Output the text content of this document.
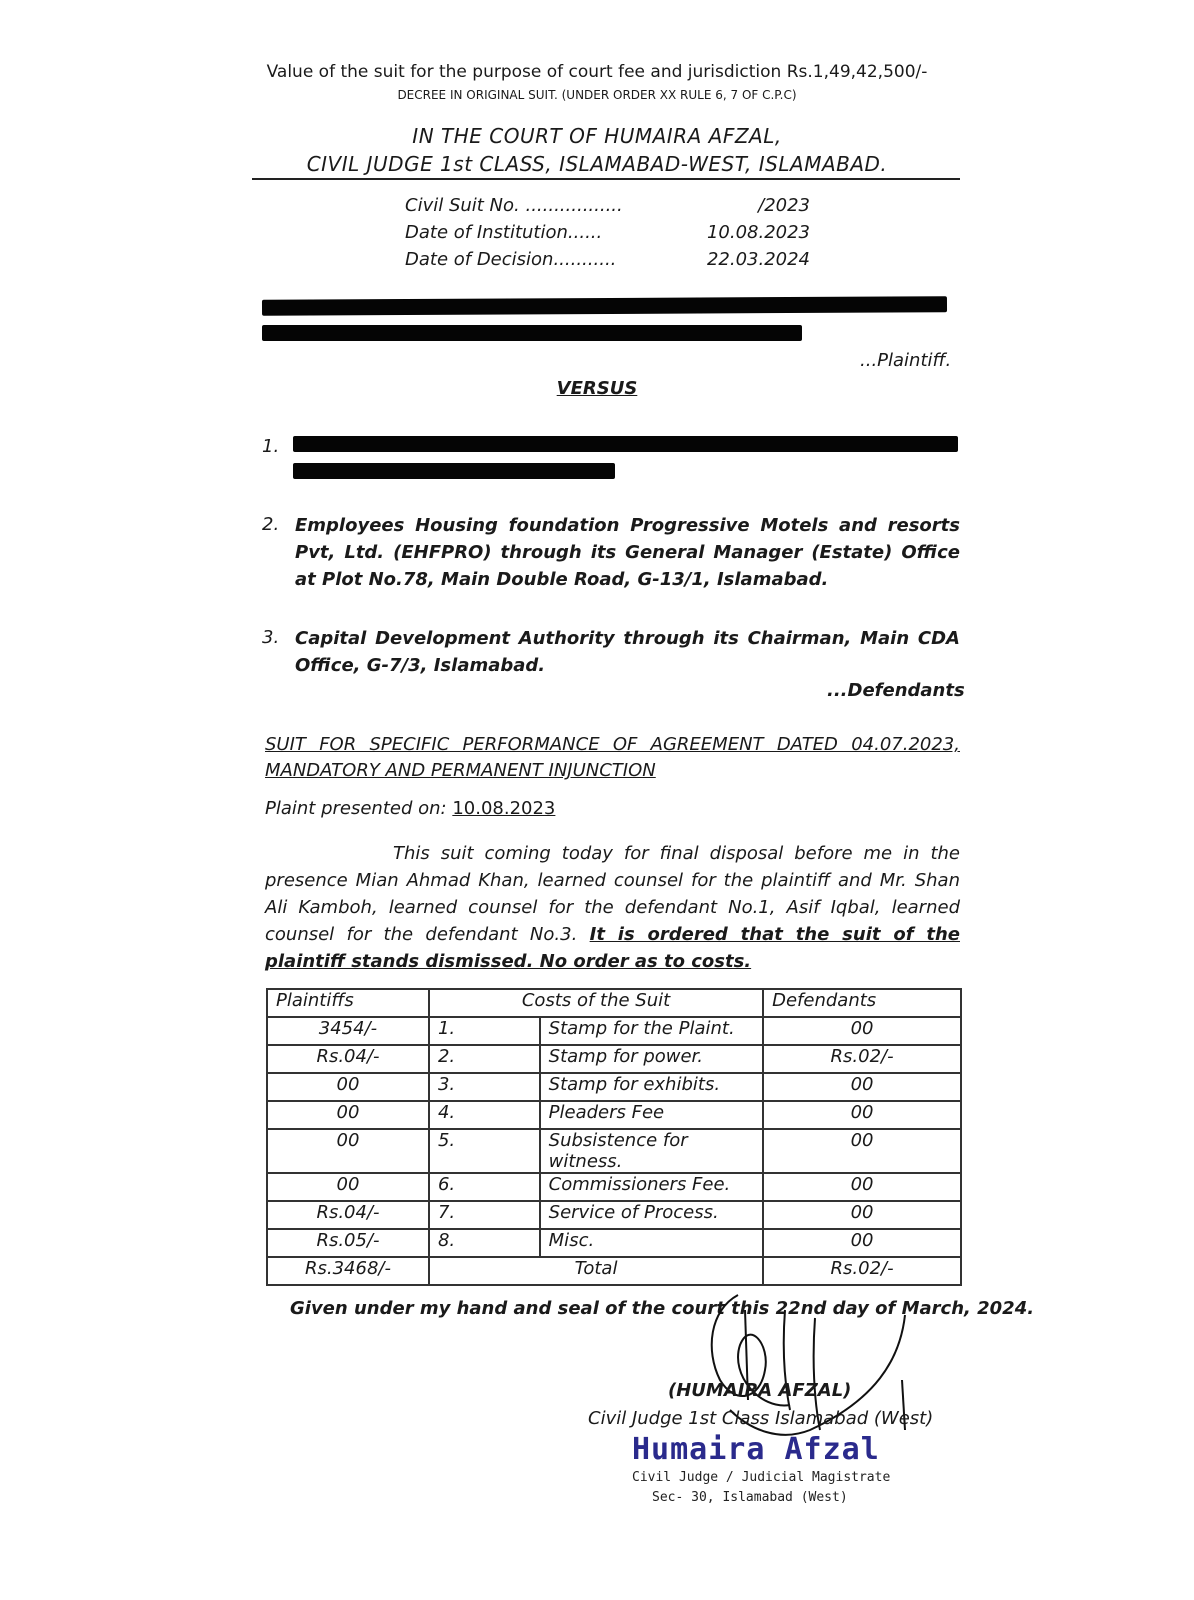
Value of the suit for the purpose of court fee and jurisdiction Rs.1,49,42,500/-
DECREE IN ORIGINAL SUIT. (UNDER ORDER XX RULE 6, 7 OF C.P.C)
IN THE COURT OF HUMAIRA AFZAL,
CIVIL JUDGE 1st CLASS, ISLAMABAD-WEST, ISLAMABAD.
Civil Suit No. .................	/2023
Date of Institution......	10.08.2023
Date of Decision...........	22.03.2024
...Plaintiff.
VERSUS
1.
2. Employees Housing foundation Progressive Motels and resorts Pvt, Ltd. (EHFPRO) through its General Manager (Estate) Office at Plot No.78, Main Double Road, G-13/1, Islamabad.
3. Capital Development Authority through its Chairman, Main CDA Office, G-7/3, Islamabad.
...Defendants
SUIT FOR SPECIFIC PERFORMANCE OF AGREEMENT DATED 04.07.2023, MANDATORY AND PERMANENT INJUNCTION
Plaint presented on: 10.08.2023
This suit coming today for final disposal before me in the presence Mian Ahmad Khan, learned counsel for the plaintiff and Mr. Shan Ali Kamboh, learned counsel for the defendant No.1, Asif Iqbal, learned counsel for the defendant No.3. It is ordered that the suit of the plaintiff stands dismissed. No order as to costs.
Plaintiffs	Costs of the Suit		Defendants
3454/-	1.	Stamp for the Plaint.	00
Rs.04/-	2.	Stamp for power.	Rs.02/-
00	3.	Stamp for exhibits.	00
00	4.	Pleaders Fee	00
00	5.	Subsistence for witness.	00
00	6.	Commissioners Fee.	00
Rs.04/-	7.	Service of Process.	00
Rs.05/-	8.	Misc.	00
Rs.3468/-	Total		Rs.02/-
Given under my hand and seal of the court this 22nd day of March, 2024.
(HUMAIRA AFZAL)
Civil Judge 1st Class Islamabad (West)
Humaira Afzal
Civil Judge / Judicial Magistrate
Sec- 30, Islamabad (West)
